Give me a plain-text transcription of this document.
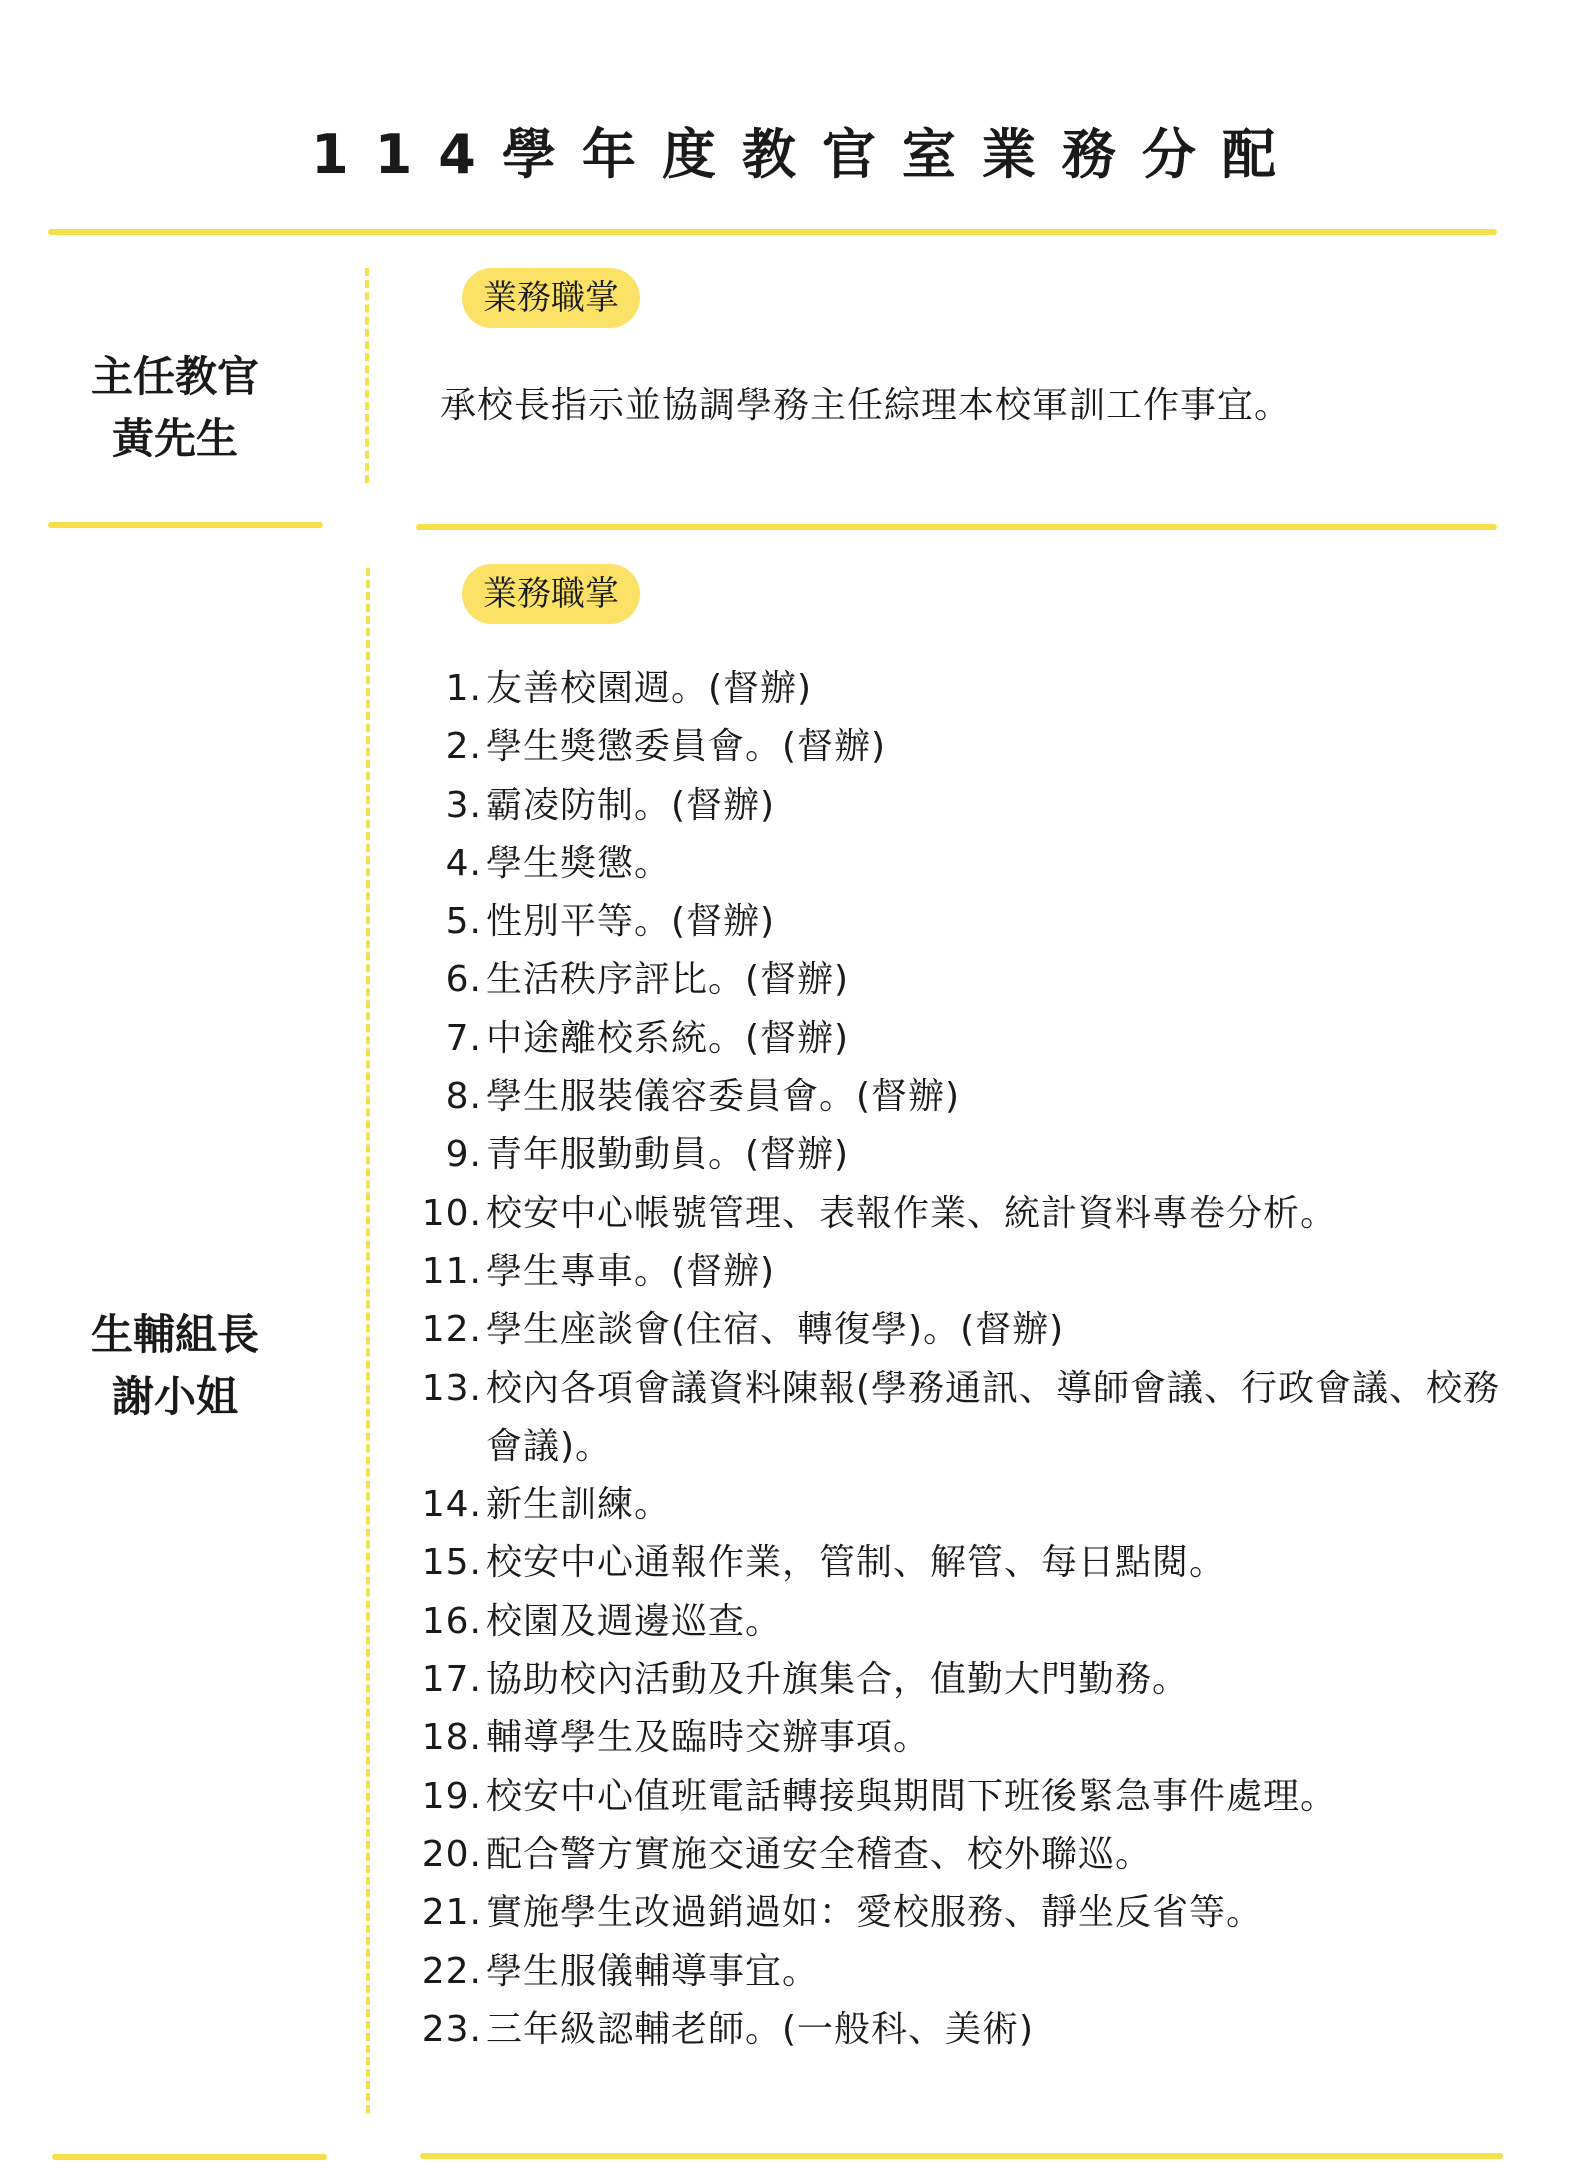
114學年度教官室業務分配
主任教官
黃先生
業務職掌
承校長指示並協調學務主任綜理本校軍訓工作事宜。
生輔組長
謝小姐
業務職掌
1. 友善校園週。(督辦)
2. 學生獎懲委員會。(督辦)
3. 霸凌防制。(督辦)
4. 學生獎懲。
5. 性別平等。(督辦)
6. 生活秩序評比。(督辦)
7. 中途離校系統。(督辦)
8. 學生服裝儀容委員會。(督辦)
9. 青年服勤動員。(督辦)
10. 校安中心帳號管理、表報作業、統計資料專卷分析。
11. 學生專車。(督辦)
12. 學生座談會(住宿、轉復學)。(督辦)
13. 校內各項會議資料陳報(學務通訊、導師會議、行政會議、校務會議)。
14. 新生訓練。
15. 校安中心通報作業，管制、解管、每日點閱。
16. 校園及週邊巡查。
17. 協助校內活動及升旗集合，值勤大門勤務。
18. 輔導學生及臨時交辦事項。
19. 校安中心值班電話轉接與期間下班後緊急事件處理。
20. 配合警方實施交通安全稽查、校外聯巡。
21. 實施學生改過銷過如：愛校服務、靜坐反省等。
22. 學生服儀輔導事宜。
23. 三年級認輔老師。(一般科、美術)
